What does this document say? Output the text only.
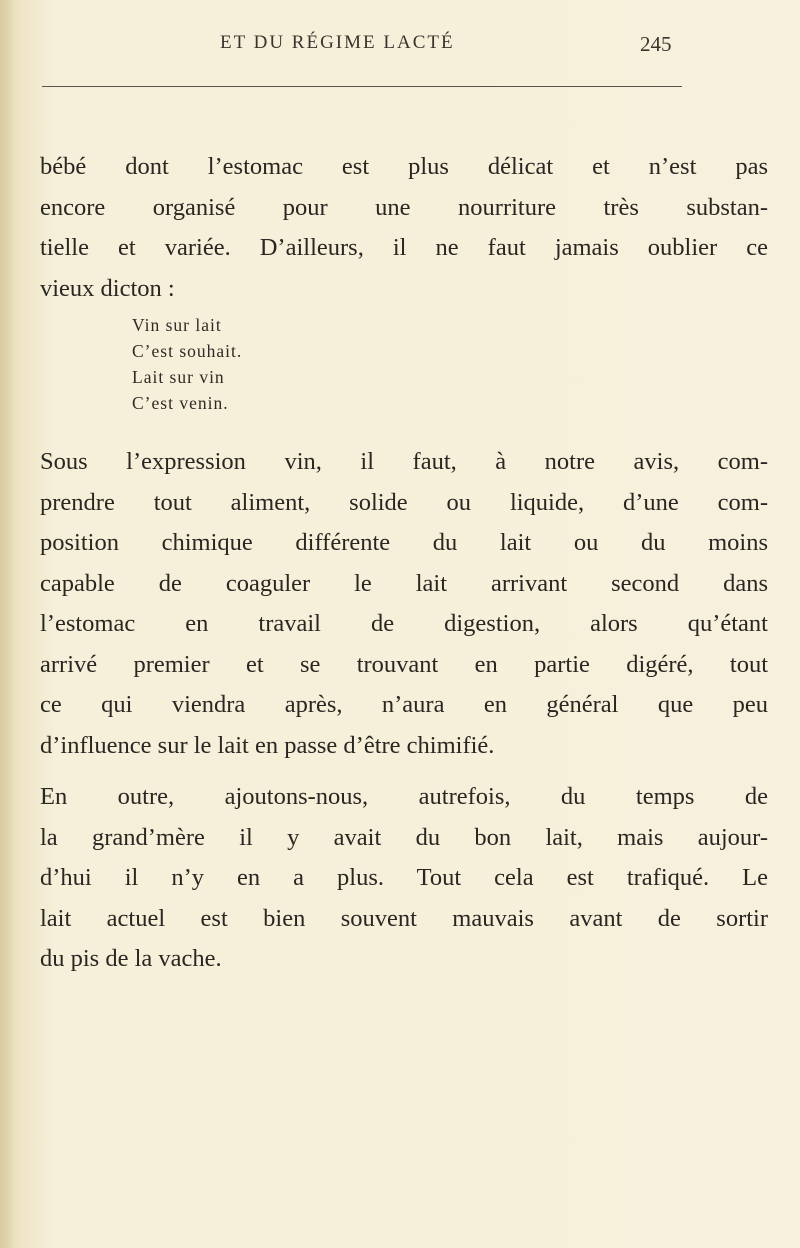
ET DU RÉGIME LACTÉ	245
bébé dont l’estomac est plus délicat et n’est pas
encore organisé pour une nourriture très substan-
tielle et variée. D’ailleurs, il ne faut jamais oublier ce
vieux dicton :
Vin sur lait
C’est souhait.
Lait sur vin
C’est venin.
Sous l’expression vin, il faut, à notre avis, com-
prendre tout aliment, solide ou liquide, d’une com-
position chimique différente du lait ou du moins
capable de coaguler le lait arrivant second dans
l’estomac en travail de digestion, alors qu’étant
arrivé premier et se trouvant en partie digéré, tout
ce qui viendra après, n’aura en général que peu
d’influence sur le lait en passe d’être chimifié.
En outre, ajoutons-nous, autrefois, du temps de
la grand’mère il y avait du bon lait, mais aujour-
d’hui il n’y en a plus. Tout cela est trafiqué. Le
lait actuel est bien souvent mauvais avant de sortir
du pis de la vache.
